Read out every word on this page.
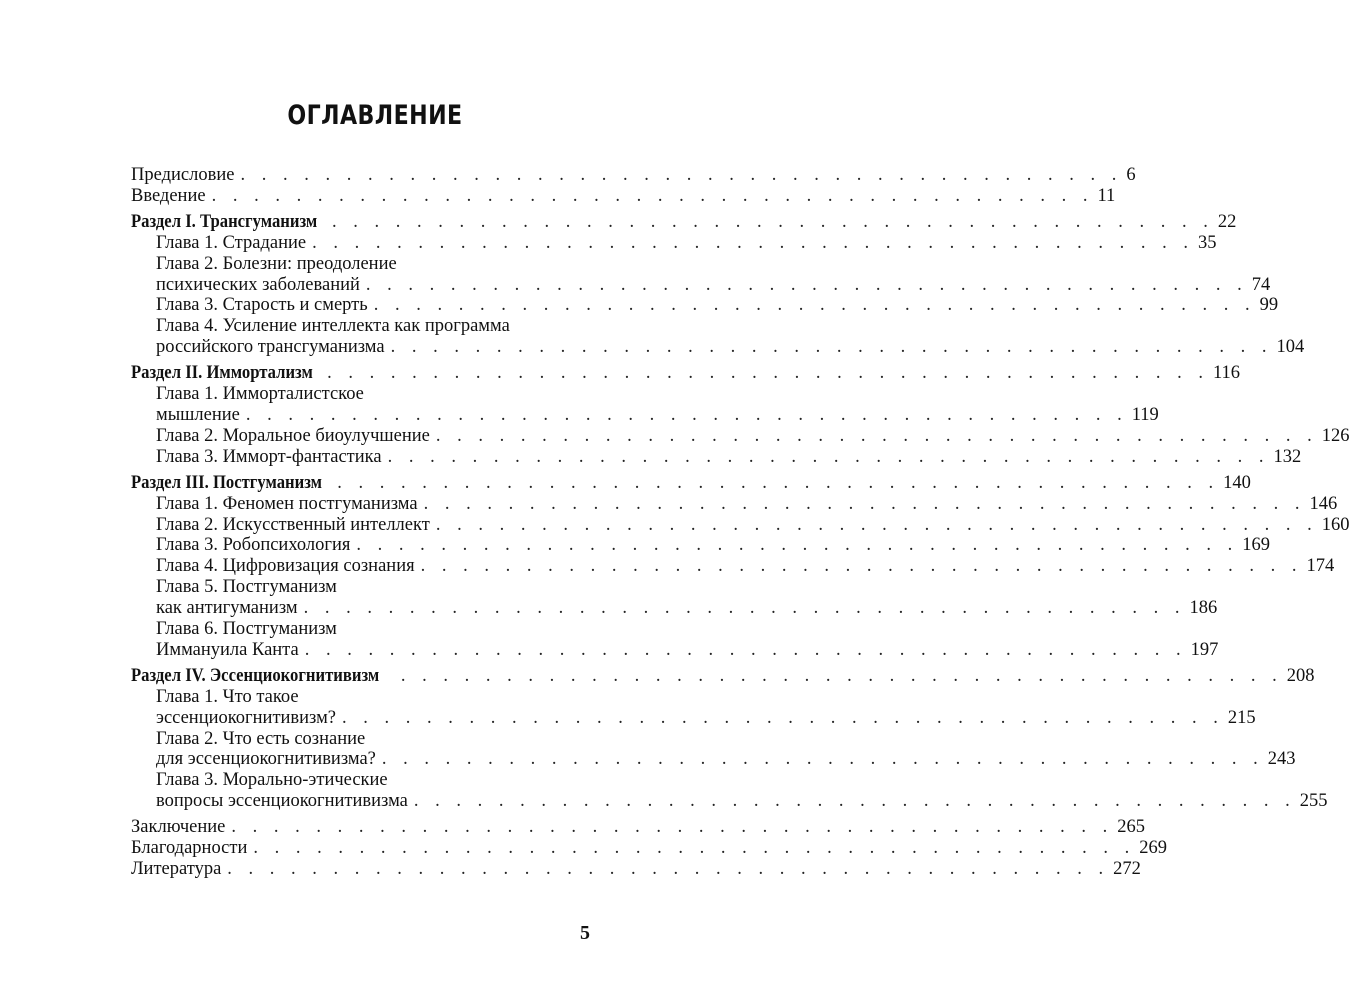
ОГЛАВЛЕНИЕ
Предисловие . . . . . . . . . . . . . . . . . . . . . . . . . . . . . . . . . . . . . . . . . . 6
Введение . . . . . . . . . . . . . . . . . . . . . . . . . . . . . . . . . . . . . . . . . . 11
Раздел I. Трансгуманизм . . . . . . . . . . . . . . . . . . . . . . . . . . . . . . . . . . . . . . . . . . 22
Глава 1. Страдание . . . . . . . . . . . . . . . . . . . . . . . . . . . . . . . . . . . . . . . . . . 35
Глава 2. Болезни: преодоление
психических заболеваний . . . . . . . . . . . . . . . . . . . . . . . . . . . . . . . . . . . . . . . . . . 74
Глава 3. Старость и смерть . . . . . . . . . . . . . . . . . . . . . . . . . . . . . . . . . . . . . . . . . . 99
Глава 4. Усиление интеллекта как программа
российского трансгуманизма . . . . . . . . . . . . . . . . . . . . . . . . . . . . . . . . . . . . . . . . . . 104
Раздел II. Иммортализм . . . . . . . . . . . . . . . . . . . . . . . . . . . . . . . . . . . . . . . . . . 116
Глава 1. Имморталистское
мышление . . . . . . . . . . . . . . . . . . . . . . . . . . . . . . . . . . . . . . . . . . 119
Глава 2. Моральное биоулучшение . . . . . . . . . . . . . . . . . . . . . . . . . . . . . . . . . . . . . . . . . . 126
Глава 3. Имморт-фантастика . . . . . . . . . . . . . . . . . . . . . . . . . . . . . . . . . . . . . . . . . . 132
Раздел III. Постгуманизм . . . . . . . . . . . . . . . . . . . . . . . . . . . . . . . . . . . . . . . . . . 140
Глава 1. Феномен постгуманизма . . . . . . . . . . . . . . . . . . . . . . . . . . . . . . . . . . . . . . . . . . 146
Глава 2. Искусственный интеллект . . . . . . . . . . . . . . . . . . . . . . . . . . . . . . . . . . . . . . . . . . 160
Глава 3. Робопсихология . . . . . . . . . . . . . . . . . . . . . . . . . . . . . . . . . . . . . . . . . . 169
Глава 4. Цифровизация сознания . . . . . . . . . . . . . . . . . . . . . . . . . . . . . . . . . . . . . . . . . . 174
Глава 5. Постгуманизм
как антигуманизм . . . . . . . . . . . . . . . . . . . . . . . . . . . . . . . . . . . . . . . . . . 186
Глава 6. Постгуманизм
Иммануила Канта . . . . . . . . . . . . . . . . . . . . . . . . . . . . . . . . . . . . . . . . . . 197
Раздел IV. Эссенциокогнитивизм	. . . . . . . . . . . . . . . . . . . . . . . . . . . . . . . . . . . . . . . . . . 208
Глава 1. Что такое
эссенциокогнитивизм? . . . . . . . . . . . . . . . . . . . . . . . . . . . . . . . . . . . . . . . . . . 215
Глава 2. Что есть сознание
для эссенциокогнитивизма? . . . . . . . . . . . . . . . . . . . . . . . . . . . . . . . . . . . . . . . . . . 243
Глава 3. Морально-этические
вопросы эссенциокогнитивизма . . . . . . . . . . . . . . . . . . . . . . . . . . . . . . . . . . . . . . . . . . 255
Заключение . . . . . . . . . . . . . . . . . . . . . . . . . . . . . . . . . . . . . . . . . . 265
Благодарности . . . . . . . . . . . . . . . . . . . . . . . . . . . . . . . . . . . . . . . . . . 269
Литература . . . . . . . . . . . . . . . . . . . . . . . . . . . . . . . . . . . . . . . . . . 272
5
